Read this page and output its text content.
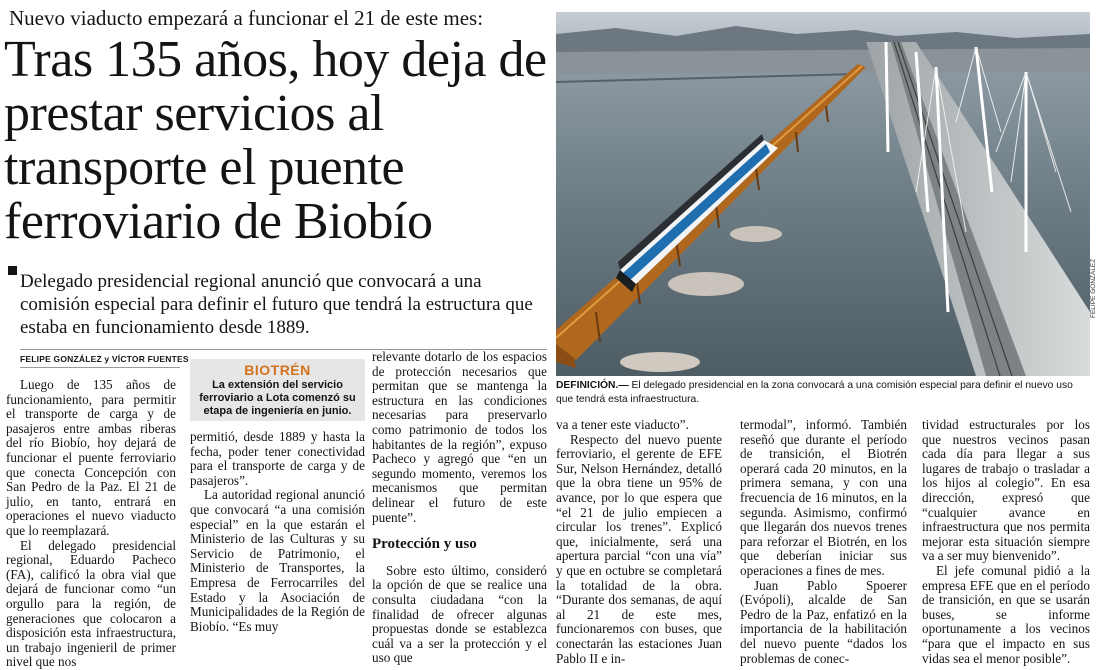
Nuevo viaducto empezará a funcionar el 21 de este mes:
Tras 135 años, hoy deja de prestar servicios al transporte el puente ferroviario de Biobío
Delegado presidencial regional anunció que convocará a una comisión especial para definir el futuro que tendrá la estructura que estaba en funcionamiento desde 1889.
FELIPE GONZÁLEZ y VÍCTOR FUENTES

Luego de 135 años de funcionamiento, para permitir el transporte de carga y de pasajeros entre ambas riberas del río Biobío, hoy dejará de funcionar el puente ferroviario que conecta Concepción con San Pedro de la Paz. El 21 de julio, en tanto, entrará en operaciones el nuevo viaducto que lo reemplazará.

El delegado presidencial regional, Eduardo Pacheco (FA), calificó la obra vial que dejará de funcionar como “un orgullo para la región, de generaciones que colocaron a disposición esta infraestructura, un trabajo ingenieril de primer nivel que nos

BIOTRÉN
La extensión del servicio ferroviario a Lota comenzó su etapa de ingeniería en junio.

permitió, desde 1889 y hasta la fecha, poder tener conectividad para el transporte de carga y de pasajeros”.

La autoridad regional anunció que convocará “a una comisión especial” en la que estarán el Ministerio de las Culturas y su Servicio de Patrimonio, el Ministerio de Transportes, la Empresa de Ferrocarriles del Estado y la Asociación de Municipalidades de la Región de Biobío. “Es muy

relevante dotarlo de los espacios de protección necesarios que permitan que se mantenga la estructura en las condiciones necesarias para preservarlo como patrimonio de todos los habitantes de la región”, expuso Pacheco y agregó que “en un segundo momento, veremos los mecanismos que permitan delinear el futuro de este puente”.

Protección y uso

Sobre esto último, consideró la opción de que se realice una consulta ciudadana “con la finalidad de ofrecer algunas propuestas donde se establezca cuál va a ser la protección y el uso que

FELIPE GONZÁLEZ
DEFINICIÓN.— El delegado presidencial en la zona convocará a una comisión especial para definir el nuevo uso que tendrá esta infraestructura.

va a tener este viaducto”.

Respecto del nuevo puente ferroviario, el gerente de EFE Sur, Nelson Hernández, detalló que la obra tiene un 95% de avance, por lo que espera que “el 21 de julio empiecen a circular los trenes”. Explicó que, inicialmente, será una apertura parcial “con una vía” y que en octubre se completará la totalidad de la obra. “Durante dos semanas, de aquí al 21 de este mes, funcionaremos con buses, que conectarán las estaciones Juan Pablo II e in-

termodal”, informó. También reseñó que durante el período de transición, el Biotrén operará cada 20 minutos, en la primera semana, y con una frecuencia de 16 minutos, en la segunda. Asimismo, confirmó que llegarán dos nuevos trenes para reforzar el Biotrén, en los que deberían iniciar sus operaciones a fines de mes.

Juan Pablo Spoerer (Evópoli), alcalde de San Pedro de la Paz, enfatizó en la importancia de la habilitación del nuevo puente “dados los problemas de conec-

tividad estructurales por los que nuestros vecinos pasan cada día para llegar a sus lugares de trabajo o trasladar a los hijos al colegio”. En esa dirección, expresó que “cualquier avance en infraestructura que nos permita mejorar esta situación siempre va a ser muy bienvenido”.

El jefe comunal pidió a la empresa EFE que en el período de transición, en que se usarán buses, se informe oportunamente a los vecinos “para que el impacto en sus vidas sea el menor posible”.
